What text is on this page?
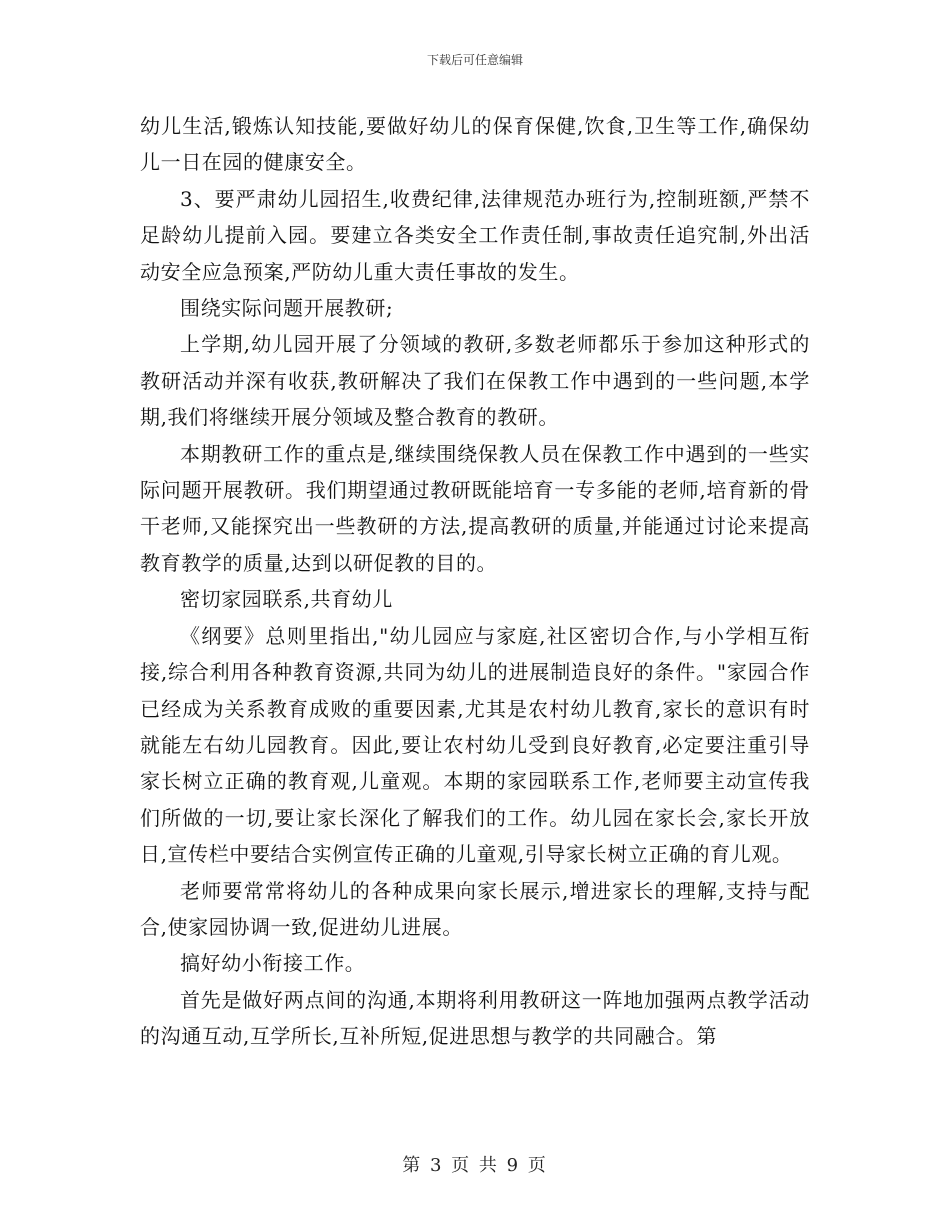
下载后可任意编辑

幼儿生活,锻炼认知技能,要做好幼儿的保育保健,饮食,卫生等工作,确保幼儿一日在园的健康安全。

3、要严肃幼儿园招生,收费纪律,法律规范办班行为,控制班额,严禁不足龄幼儿提前入园。要建立各类安全工作责任制,事故责任追究制,外出活动安全应急预案,严防幼儿重大责任事故的发生。

围绕实际问题开展教研;

上学期,幼儿园开展了分领域的教研,多数老师都乐于参加这种形式的教研活动并深有收获,教研解决了我们在保教工作中遇到的一些问题,本学期,我们将继续开展分领域及整合教育的教研。

本期教研工作的重点是,继续围绕保教人员在保教工作中遇到的一些实际问题开展教研。我们期望通过教研既能培育一专多能的老师,培育新的骨干老师,又能探究出一些教研的方法,提高教研的质量,并能通过讨论来提高教育教学的质量,达到以研促教的目的。

密切家园联系,共育幼儿

《纲要》总则里指出,"幼儿园应与家庭,社区密切合作,与小学相互衔接,综合利用各种教育资源,共同为幼儿的进展制造良好的条件。"家园合作已经成为关系教育成败的重要因素,尤其是农村幼儿教育,家长的意识有时就能左右幼儿园教育。因此,要让农村幼儿受到良好教育,必定要注重引导家长树立正确的教育观,儿童观。本期的家园联系工作,老师要主动宣传我们所做的一切,要让家长深化了解我们的工作。幼儿园在家长会,家长开放日,宣传栏中要结合实例宣传正确的儿童观,引导家长树立正确的育儿观。

老师要常常将幼儿的各种成果向家长展示,增进家长的理解,支持与配合,使家园协调一致,促进幼儿进展。

搞好幼小衔接工作。

首先是做好两点间的沟通,本期将利用教研这一阵地加强两点教学活动的沟通互动,互学所长,互补所短,促进思想与教学的共同融合。第

第 3 页 共 9 页
